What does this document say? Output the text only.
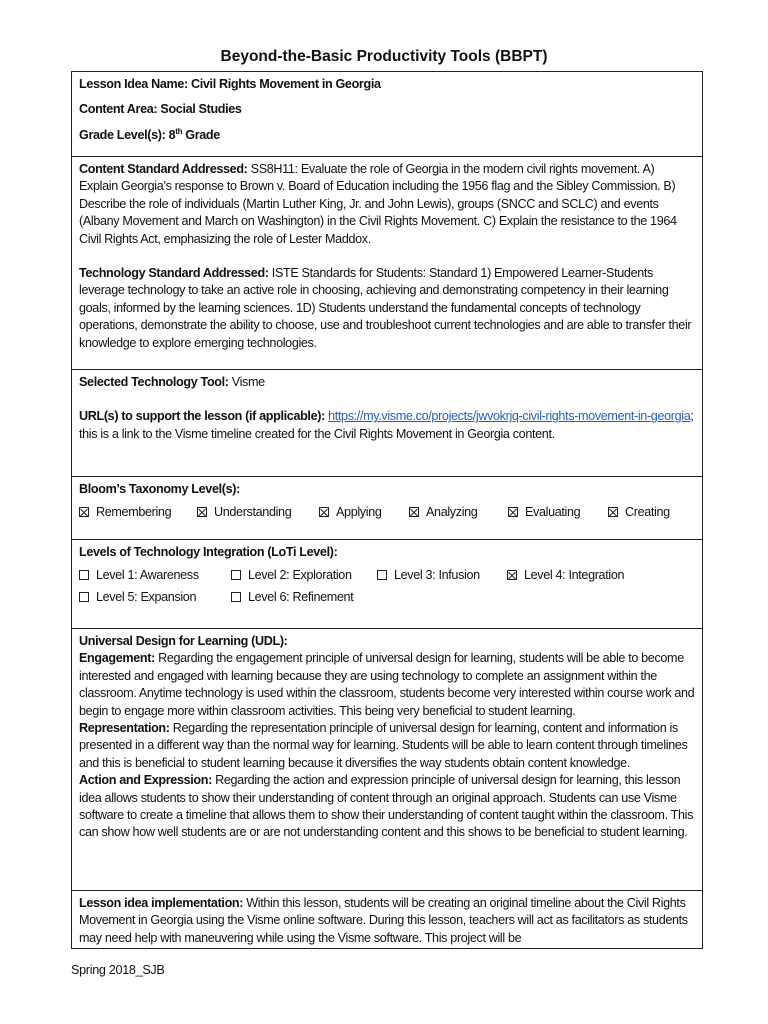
Beyond-the-Basic Productivity Tools (BBPT)

Lesson Idea Name: Civil Rights Movement in Georgia

Content Area: Social Studies

Grade Level(s): 8th Grade

Content Standard Addressed: SS8H11: Evaluate the role of Georgia in the modern civil rights movement. A) Explain Georgia’s response to Brown v. Board of Education including the 1956 flag and the Sibley Commission. B) Describe the role of individuals (Martin Luther King, Jr. and John Lewis), groups (SNCC and SCLC) and events (Albany Movement and March on Washington) in the Civil Rights Movement. C) Explain the resistance to the 1964 Civil Rights Act, emphasizing the role of Lester Maddox.

Technology Standard Addressed: ISTE Standards for Students: Standard 1) Empowered Learner-Students leverage technology to take an active role in choosing, achieving and demonstrating competency in their learning goals, informed by the learning sciences. 1D) Students understand the fundamental concepts of technology operations, demonstrate the ability to choose, use and troubleshoot current technologies and are able to transfer their knowledge to explore emerging technologies.

Selected Technology Tool: Visme

URL(s) to support the lesson (if applicable): https://my.visme.co/projects/jwvokrjq-civil-rights-movement-in-georgia; this is a link to the Visme timeline created for the Civil Rights Movement in Georgia content.

Bloom’s Taxonomy Level(s):

Remembering	Understanding	Applying	Analyzing	Evaluating	Creating

Levels of Technology Integration (LoTi Level):

Level 1: Awareness	Level 2: Exploration	Level 3: Infusion	Level 4: Integration
Level 5: Expansion	Level 6: Refinement

Universal Design for Learning (UDL):

Engagement: Regarding the engagement principle of universal design for learning, students will be able to become interested and engaged with learning because they are using technology to complete an assignment within the classroom. Anytime technology is used within the classroom, students become very interested within course work and begin to engage more within classroom activities. This being very beneficial to student learning.

Representation: Regarding the representation principle of universal design for learning, content and information is presented in a different way than the normal way for learning. Students will be able to learn content through timelines and this is beneficial to student learning because it diversifies the way students obtain content knowledge.

Action and Expression: Regarding the action and expression principle of universal design for learning, this lesson idea allows students to show their understanding of content through an original approach. Students can use Visme software to create a timeline that allows them to show their understanding of content taught within the classroom. This can show how well students are or are not understanding content and this shows to be beneficial to student learning.

Lesson idea implementation: Within this lesson, students will be creating an original timeline about the Civil Rights Movement in Georgia using the Visme online software. During this lesson, teachers will act as facilitators as students may need help with maneuvering while using the Visme software. This project will be

Spring 2018_SJB
